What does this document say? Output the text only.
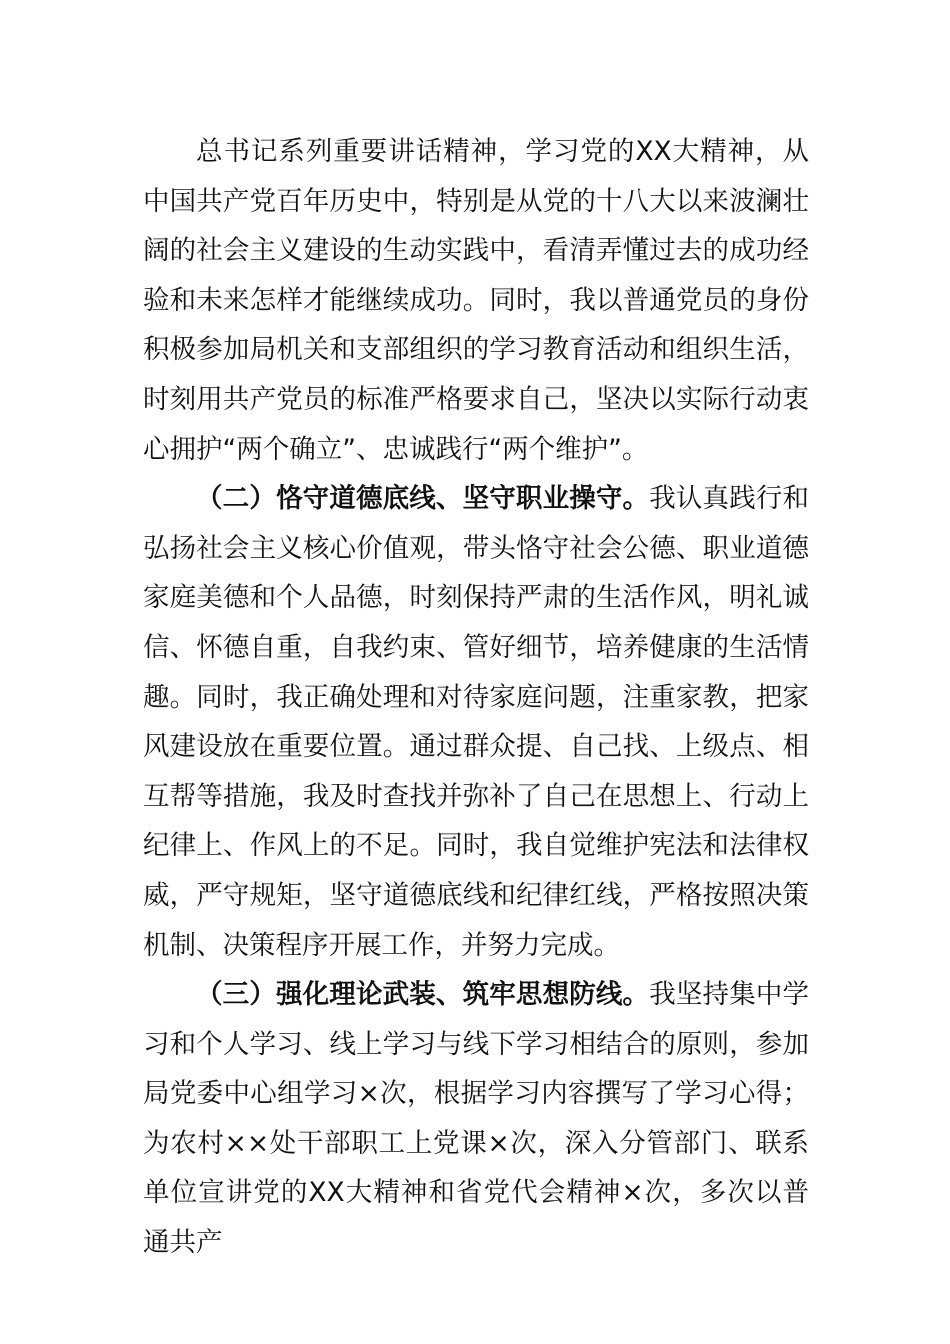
总书记系列重要讲话精神，学习党的XX大精神，从中国共产党百年历史中，特别是从党的十八大以来波澜壮阔的社会主义建设的生动实践中，看清弄懂过去的成功经验和未来怎样才能继续成功。同时，我以普通党员的身份积极参加局机关和支部组织的学习教育活动和组织生活，时刻用共产党员的标准严格要求自己，坚决以实际行动衷心拥护“两个确立”、忠诚践行“两个维护”。

（二）恪守道德底线、坚守职业操守。我认真践行和弘扬社会主义核心价值观，带头恪守社会公德、职业道德家庭美德和个人品德，时刻保持严肃的生活作风，明礼诚信、怀德自重，自我约束、管好细节，培养健康的生活情趣。同时，我正确处理和对待家庭问题，注重家教，把家风建设放在重要位置。通过群众提、自己找、上级点、相互帮等措施，我及时查找并弥补了自己在思想上、行动上纪律上、作风上的不足。同时，我自觉维护宪法和法律权威，严守规矩，坚守道德底线和纪律红线，严格按照决策机制、决策程序开展工作，并努力完成。

（三）强化理论武装、筑牢思想防线。我坚持集中学习和个人学习、线上学习与线下学习相结合的原则，参加局党委中心组学习×次，根据学习内容撰写了学习心得；为农村××处干部职工上党课×次，深入分管部门、联系单位宣讲党的XX大精神和省党代会精神×次，多次以普通共产
